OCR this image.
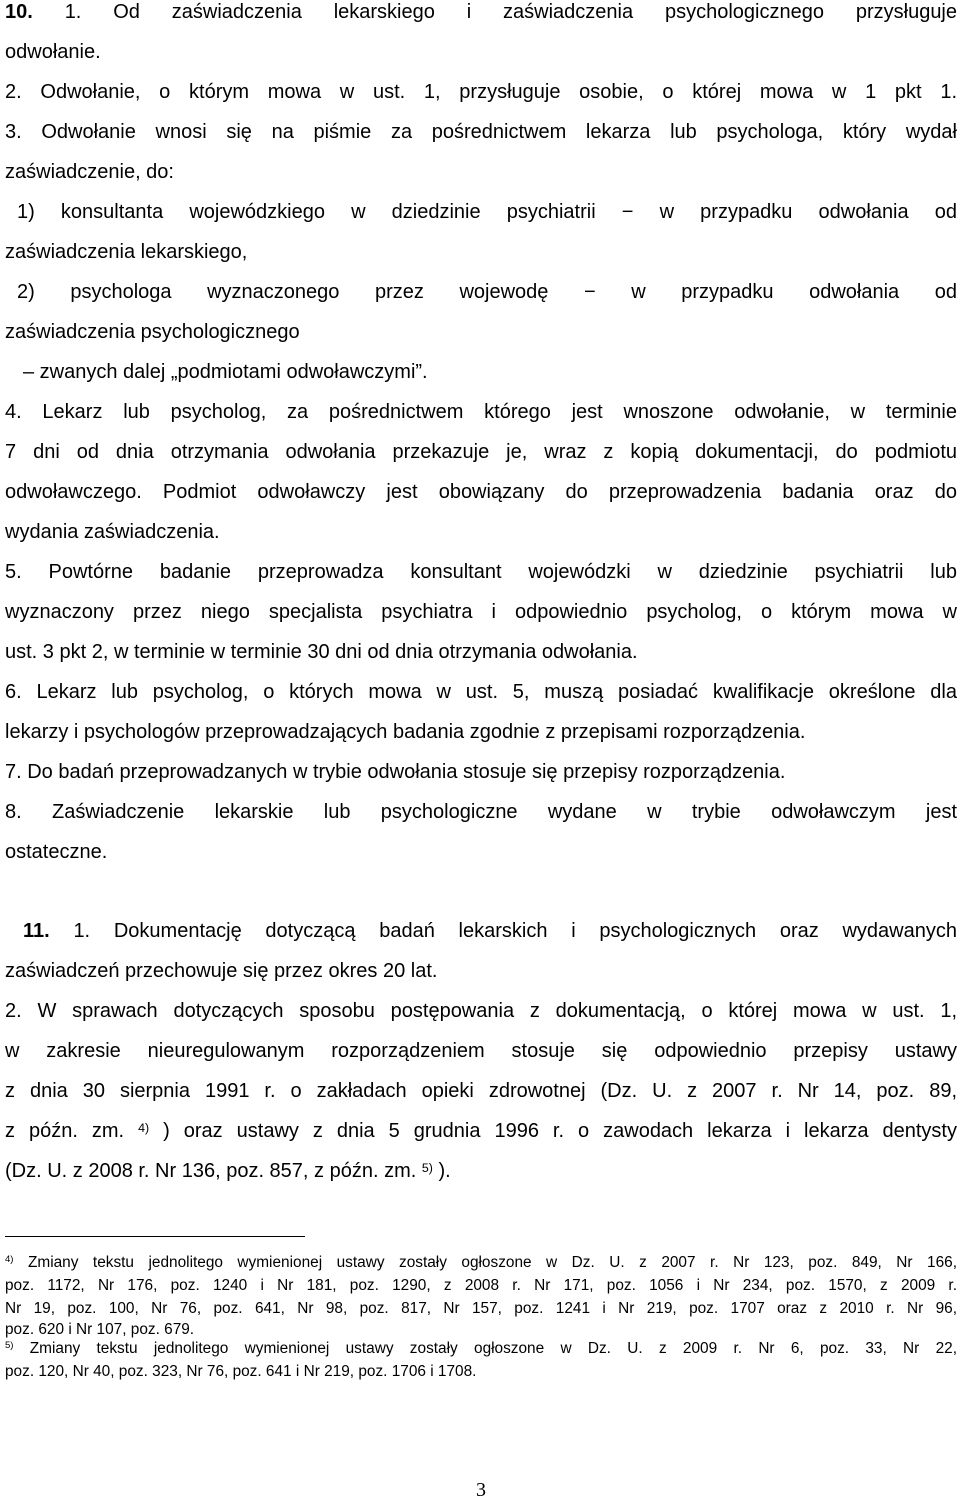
10. 1. Od zaświadczenia lekarskiego i zaświadczenia psychologicznego przysługuje
odwołanie.
2. Odwołanie, o którym mowa w ust. 1, przysługuje osobie, o której mowa w 1 pkt 1.
3. Odwołanie wnosi się na piśmie za pośrednictwem lekarza lub psychologa, który wydał
zaświadczenie, do:
1) konsultanta wojewódzkiego w dziedzinie psychiatrii − w przypadku odwołania od
zaświadczenia lekarskiego,
2) psychologa wyznaczonego przez wojewodę − w przypadku odwołania od
zaświadczenia psychologicznego
– zwanych dalej „podmiotami odwoławczymi”.
4. Lekarz lub psycholog, za pośrednictwem którego jest wnoszone odwołanie, w terminie
7 dni od dnia otrzymania odwołania przekazuje je, wraz z kopią dokumentacji, do podmiotu
odwoławczego. Podmiot odwoławczy jest obowiązany do przeprowadzenia badania oraz do
wydania zaświadczenia.
5. Powtórne badanie przeprowadza konsultant wojewódzki w dziedzinie psychiatrii lub
wyznaczony przez niego specjalista psychiatra i odpowiednio psycholog, o którym mowa w
ust. 3 pkt 2, w terminie w terminie 30 dni od dnia otrzymania odwołania.
6. Lekarz lub psycholog, o których mowa w ust. 5, muszą posiadać kwalifikacje określone dla
lekarzy i psychologów przeprowadzających badania zgodnie z przepisami rozporządzenia.
7. Do badań przeprowadzanych w trybie odwołania stosuje się przepisy rozporządzenia.
8. Zaświadczenie lekarskie lub psychologiczne wydane w trybie odwoławczym jest
ostateczne.
11. 1. Dokumentację dotyczącą badań lekarskich i psychologicznych oraz wydawanych
zaświadczeń przechowuje się przez okres 20 lat.
2. W sprawach dotyczących sposobu postępowania z dokumentacją, o której mowa w ust. 1,
w zakresie nieuregulowanym rozporządzeniem stosuje się odpowiednio przepisy ustawy
z dnia 30 sierpnia 1991 r. o zakładach opieki zdrowotnej (Dz. U. z 2007 r. Nr 14, poz. 89,
z późn. zm. $^{4)}$ ) oraz ustawy z dnia 5 grudnia 1996 r. o zawodach lekarza i lekarza dentysty
(Dz. U. z 2008 r. Nr 136, poz. 857, z późn. zm. $^{5)}$ ).
$^{4)}$ Zmiany tekstu jednolitego wymienionej ustawy zostały ogłoszone w Dz. U. z 2007 r. Nr 123, poz. 849, Nr 166,
poz. 1172, Nr 176, poz. 1240 i Nr 181, poz. 1290, z 2008 r. Nr 171, poz. 1056 i Nr 234, poz. 1570, z 2009 r.
Nr 19, poz. 100, Nr 76, poz. 641, Nr 98, poz. 817, Nr 157, poz. 1241 i Nr 219, poz. 1707 oraz z 2010 r. Nr 96,
poz. 620 i Nr 107, poz. 679.
$^{5)}$ Zmiany tekstu jednolitego wymienionej ustawy zostały ogłoszone w Dz. U. z 2009 r. Nr 6, poz. 33, Nr 22,
poz. 120, Nr 40, poz. 323, Nr 76, poz. 641 i Nr 219, poz. 1706 i 1708.
3
